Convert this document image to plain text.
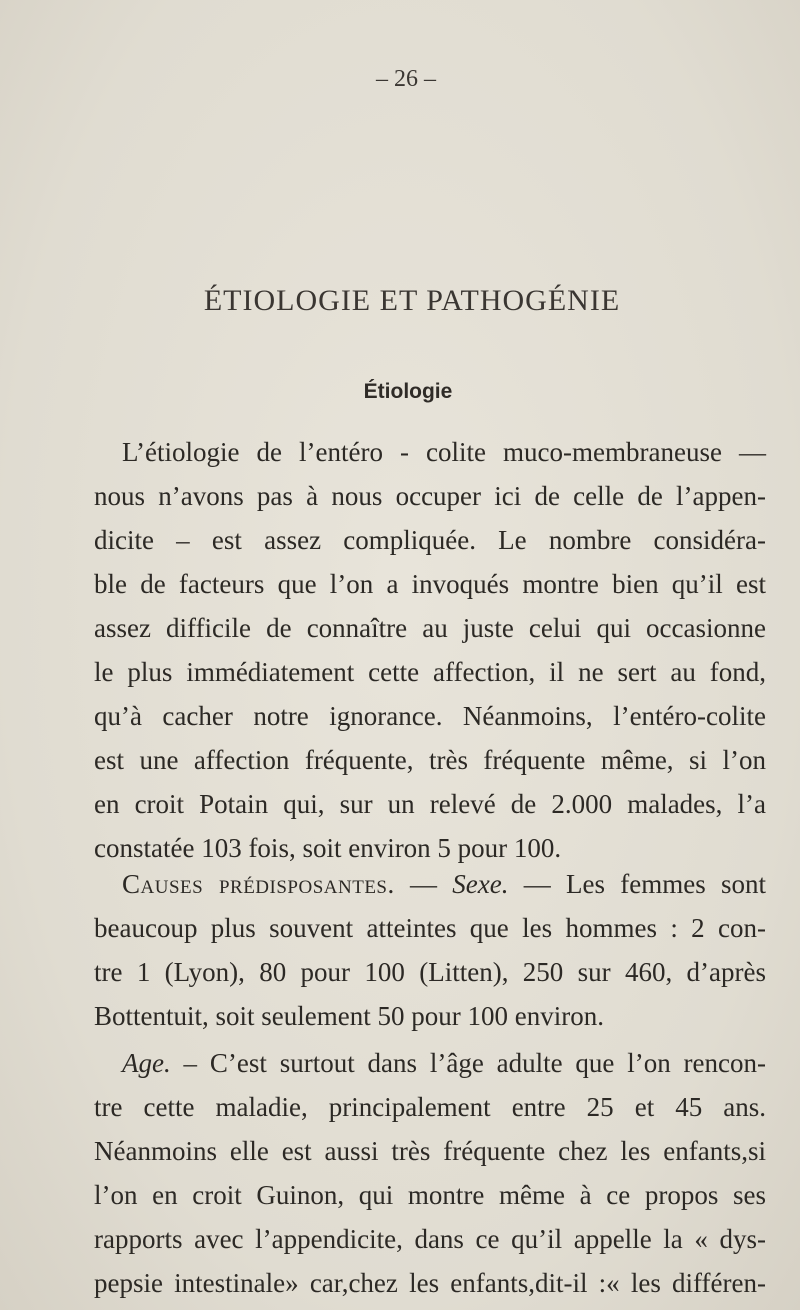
– 26 –
ÉTIOLOGIE ET PATHOGÉNIE
Étiologie
L’étiologie de l’entéro - colite muco-membraneuse —
nous n’avons pas à nous occuper ici de celle de l’appen-
dicite – est assez compliquée. Le nombre considéra-
ble de facteurs que l’on a invoqués montre bien qu’il est
assez difficile de connaître au juste celui qui occasionne
le plus immédiatement cette affection, il ne sert au fond,
qu’à cacher notre ignorance. Néanmoins, l’entéro-colite
est une affection fréquente, très fréquente même, si l’on
en croit Potain qui, sur un relevé de 2.000 malades, l’a
constatée 103 fois, soit environ 5 pour 100.
Causes prédisposantes. — Sexe. — Les femmes sont
beaucoup plus souvent atteintes que les hommes : 2 con-
tre 1 (Lyon), 80 pour 100 (Litten), 250 sur 460, d’après
Bottentuit, soit seulement 50 pour 100 environ.
Age. – C’est surtout dans l’âge adulte que l’on rencon-
tre cette maladie, principalement entre 25 et 45 ans.
Néanmoins elle est aussi très fréquente chez les enfants,si
l’on en croit Guinon, qui montre même à ce propos ses
rapports avec l’appendicite, dans ce qu’il appelle la « dys-
pepsie intestinale» car,chez les enfants,dit-il :« les différen-
